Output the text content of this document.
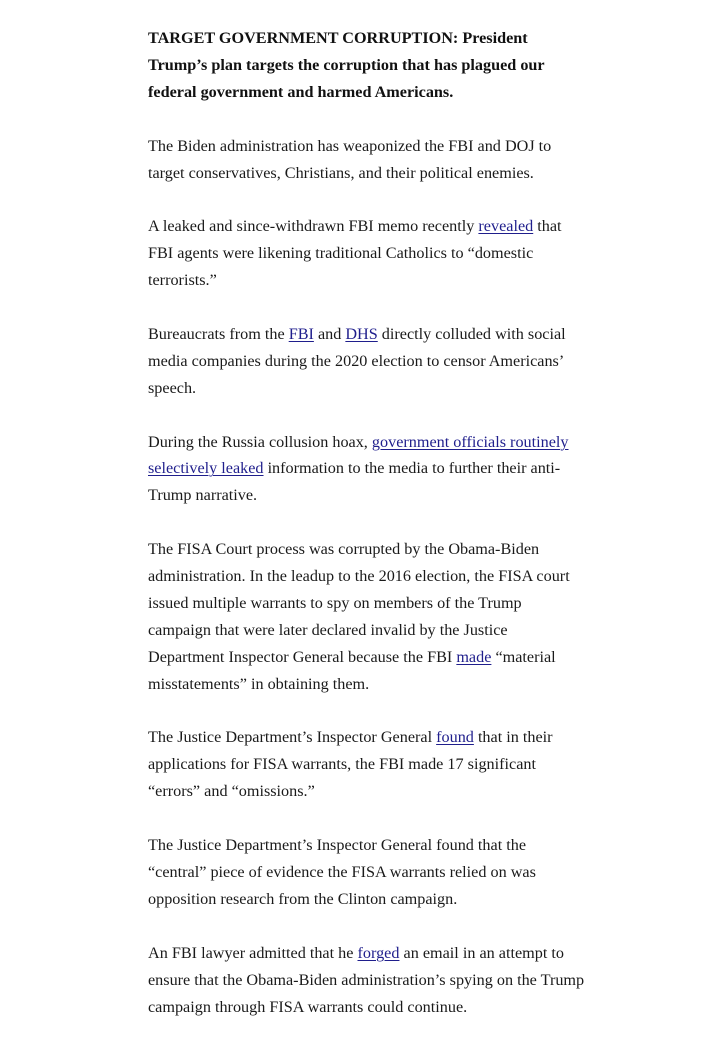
TARGET GOVERNMENT CORRUPTION: President Trump’s plan targets the corruption that has plagued our federal government and harmed Americans.

The Biden administration has weaponized the FBI and DOJ to target conservatives, Christians, and their political enemies.

A leaked and since-withdrawn FBI memo recently revealed that FBI agents were likening traditional Catholics to “domestic terrorists.”

Bureaucrats from the FBI and DHS directly colluded with social media companies during the 2020 election to censor Americans’ speech.

During the Russia collusion hoax, government officials routinely selectively leaked information to the media to further their anti-Trump narrative.

The FISA Court process was corrupted by the Obama-Biden administration. In the leadup to the 2016 election, the FISA court issued multiple warrants to spy on members of the Trump campaign that were later declared invalid by the Justice Department Inspector General because the FBI made “material misstatements” in obtaining them.

The Justice Department’s Inspector General found that in their applications for FISA warrants, the FBI made 17 significant “errors” and “omissions.”

The Justice Department’s Inspector General found that the “central” piece of evidence the FISA warrants relied on was opposition research from the Clinton campaign.

An FBI lawyer admitted that he forged an email in an attempt to ensure that the Obama-Biden administration’s spying on the Trump campaign through FISA warrants could continue.
